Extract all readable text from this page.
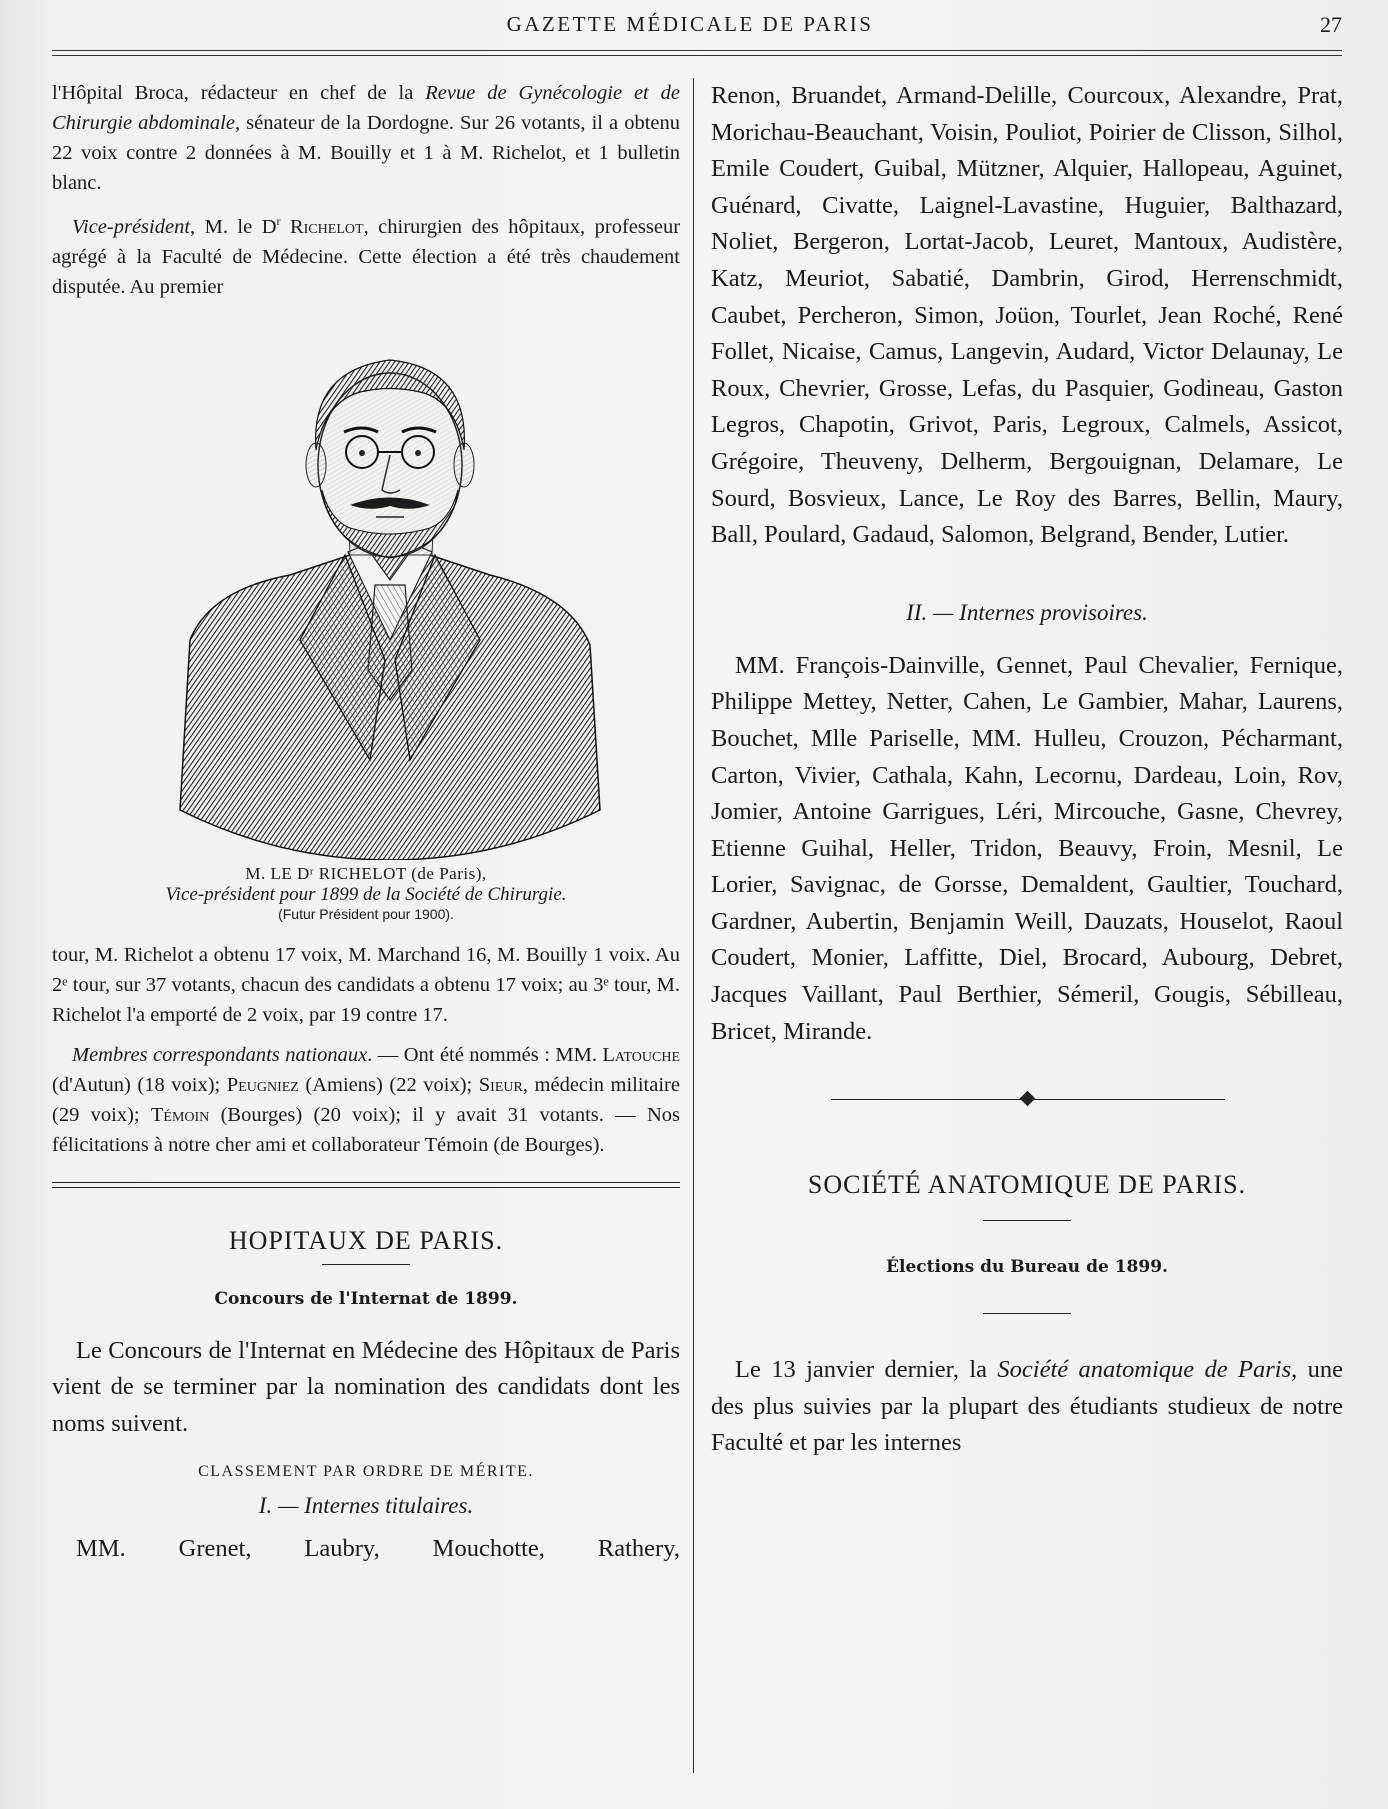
GAZETTE MÉDICALE DE PARIS	27

l'Hôpital Broca, rédacteur en chef de la Revue de Gynécologie et de Chirurgie abdominale, sénateur de la Dordogne. Sur 26 votants, il a obtenu 22 voix contre 2 données à M. Bouilly et 1 à M. Richelot, et 1 bulletin blanc.

Vice-président, M. le $D^r$ Richelot, chirurgien des hôpitaux, professeur agrégé à la Faculté de Médecine. Cette élection a été très chaudement disputée. Au premier

M. LE Dʳ RICHELOT (de Paris),
Vice-président pour 1899 de la Société de Chirurgie.
(Futur Président pour 1900).

tour, M. Richelot a obtenu 17 voix, M. Marchand 16, M. Bouilly 1 voix. Au 2ᵉ tour, sur 37 votants, chacun des candidats a obtenu 17 voix; au 3ᵉ tour, M. Richelot l'a emporté de 2 voix, par 19 contre 17.

Membres correspondants nationaux. — Ont été nommés : MM. Latouche (d'Autun) (18 voix); Peugniez (Amiens) (22 voix); Sieur, médecin militaire (29 voix); Témoin (Bourges) (20 voix); il y avait 31 votants. — Nos félicitations à notre cher ami et collaborateur Témoin (de Bourges).

HOPITAUX DE PARIS.
Concours de l'Internat de 1899.

Le Concours de l'Internat en Médecine des Hôpitaux de Paris vient de se terminer par la nomination des candidats dont les noms suivent.

CLASSEMENT PAR ORDRE DE MÉRITE.
I. — Internes titulaires.

MM. Grenet, Laubry, Mouchotte, Rathery,

Renon, Bruandet, Armand-Delille, Courcoux, Alexandre, Prat, Morichau-Beauchant, Voisin, Pouliot, Poirier de Clisson, Silhol, Emile Coudert, Guibal, Mützner, Alquier, Hallopeau, Aguinet, Guénard, Civatte, Laignel-Lavastine, Huguier, Balthazard, Noliet, Bergeron, Lortat-Jacob, Leuret, Mantoux, Audistère, Katz, Meuriot, Sabatié, Dambrin, Girod, Herrenschmidt, Caubet, Percheron, Simon, Joüon, Tourlet, Jean Roché, René Follet, Nicaise, Camus, Langevin, Audard, Victor Delaunay, Le Roux, Chevrier, Grosse, Lefas, du Pasquier, Godineau, Gaston Legros, Chapotin, Grivot, Paris, Legroux, Calmels, Assicot, Grégoire, Theuveny, Delherm, Bergouignan, Delamare, Le Sourd, Bosvieux, Lance, Le Roy des Barres, Bellin, Maury, Ball, Poulard, Gadaud, Salomon, Belgrand, Bender, Lutier.

II. — Internes provisoires.

MM. François-Dainville, Gennet, Paul Chevalier, Fernique, Philippe Mettey, Netter, Cahen, Le Gambier, Mahar, Laurens, Bouchet, Mlle Pariselle, MM. Hulleu, Crouzon, Pécharmant, Carton, Vivier, Cathala, Kahn, Lecornu, Dardeau, Loin, Rov, Jomier, Antoine Garrigues, Léri, Mircouche, Gasne, Chevrey, Etienne Guihal, Heller, Tridon, Beauvy, Froin, Mesnil, Le Lorier, Savignac, de Gorsse, Demaldent, Gaultier, Touchard, Gardner, Aubertin, Benjamin Weill, Dauzats, Houselot, Raoul Coudert, Monier, Laffitte, Diel, Brocard, Aubourg, Debret, Jacques Vaillant, Paul Berthier, Sémeril, Gougis, Sébilleau, Bricet, Mirande.

SOCIÉTÉ ANATOMIQUE DE PARIS.
Élections du Bureau de 1899.

Le 13 janvier dernier, la Société anatomique de Paris, une des plus suivies par la plupart des étudiants studieux de notre Faculté et par les internes
